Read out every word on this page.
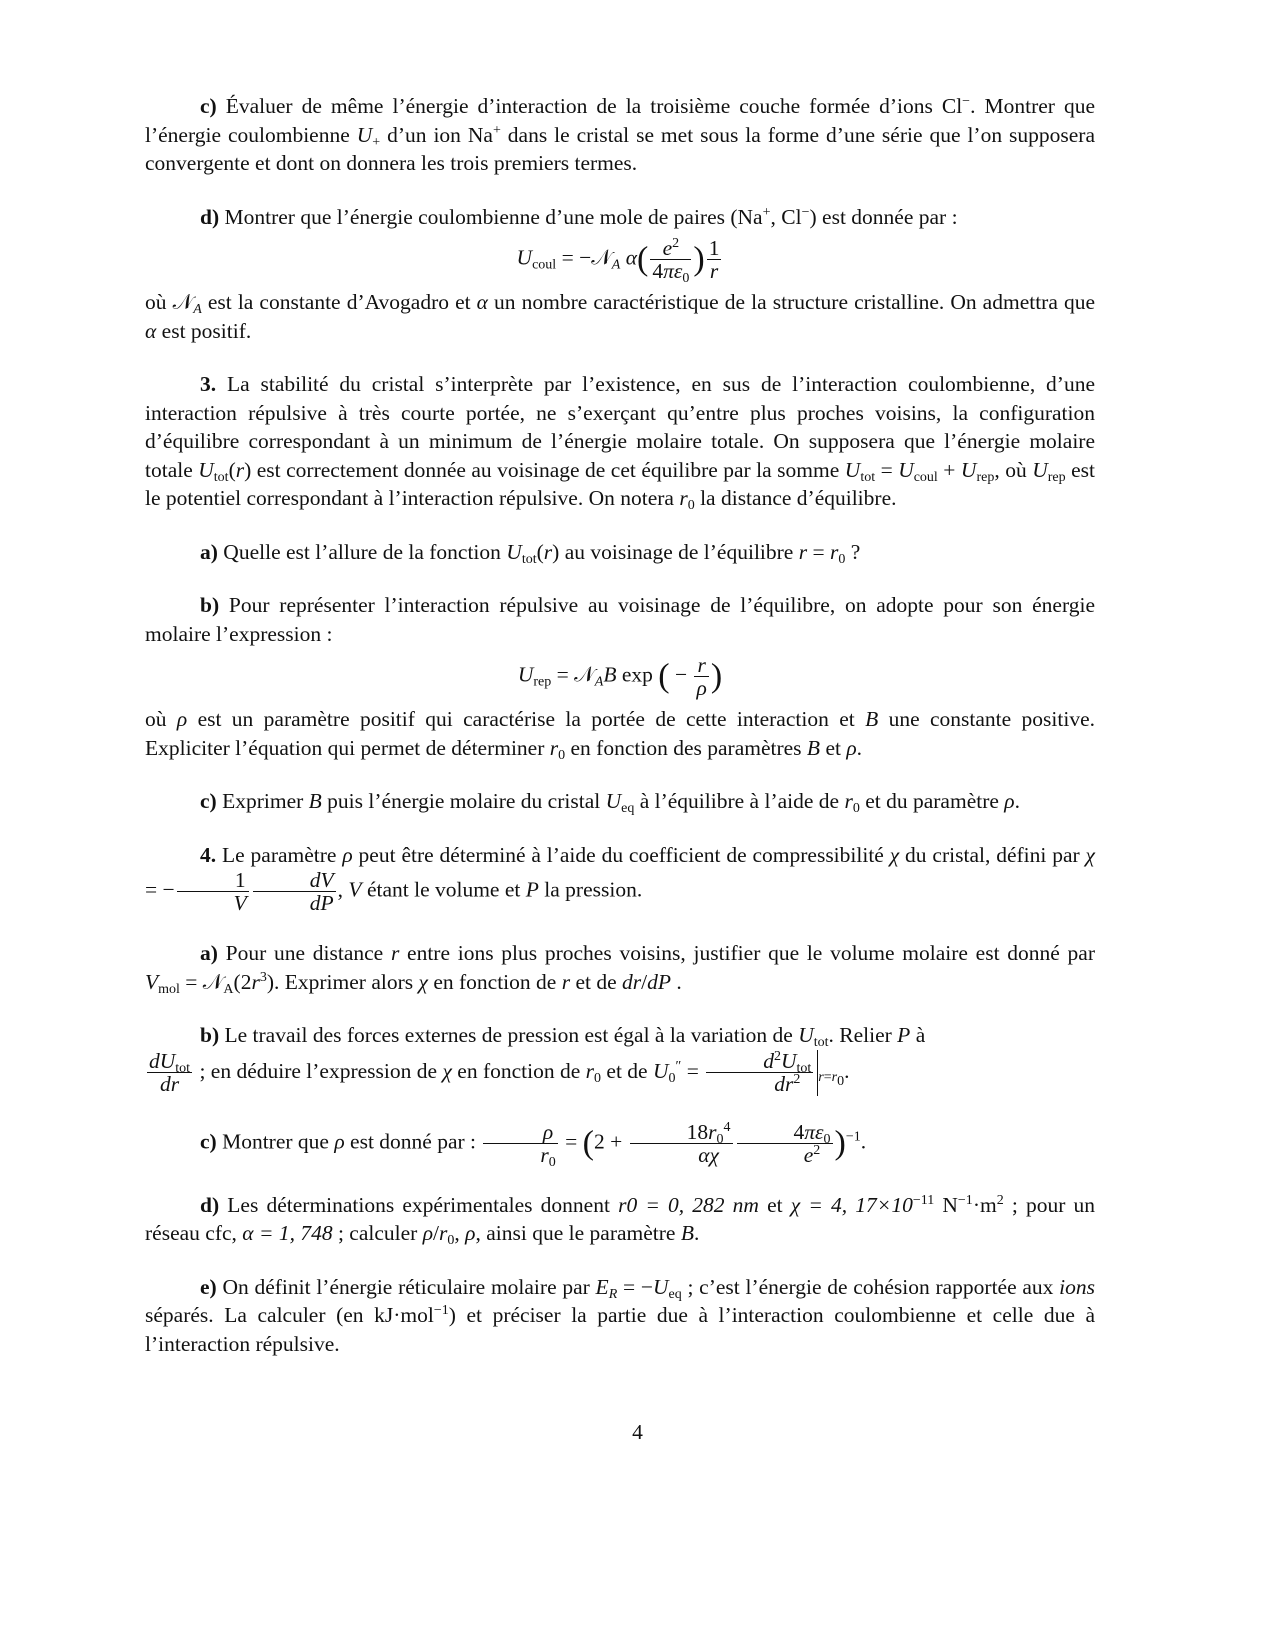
c) Évaluer de même l’énergie d’interaction de la troisième couche formée d’ions Cl−. Montrer que l’énergie coulombienne $U_+$ d’un ion Na+ dans le cristal se met sous la forme d’une série que l’on supposera convergente et dont on donnera les trois premiers termes.

d) Montrer que l’énergie coulombienne d’une mole de paires (Na+, Cl−) est donnée par :

$U_{coul}$ = −𝒩$_A$ $\alpha( \frac{e^2}{4\pi\varepsilon_0}$ ) $\frac{1}{r}$

où 𝒩$_A$ est la constante d’Avogadro et α un nombre caractéristique de la structure cristalline. On admettra que α est positif.

3. La stabilité du cristal s’interprète par l’existence, en sus de l’interaction coulombienne, d’une interaction répulsive à très courte portée, ne s’exerçant qu’entre plus proches voisins, la configuration d’équilibre correspondant à un minimum de l’énergie molaire totale. On supposera que l’énergie molaire totale $U_{tot}(r)$ est correctement donnée au voisinage de cet équilibre par la somme $U_{tot} = U_{coul} + U_{rep}$, où $U_{rep}$ est le potentiel correspondant à l’interaction répulsive. On notera $r_0$ la distance d’équilibre.

a) Quelle est l’allure de la fonction $U_{tot}(r)$ au voisinage de l’équilibre $r = r_0$ ?

b) Pour représenter l’interaction répulsive au voisinage de l’équilibre, on adopte pour son énergie molaire l’expression :

$U_{rep}$ = 𝒩$_A$B exp ( − $\frac{r}{\rho}$ )

où ρ est un paramètre positif qui caractérise la portée de cette interaction et B une constante positive. Expliciter l’équation qui permet de déterminer $r_0$ en fonction des paramètres B et ρ.

c) Exprimer B puis l’énergie molaire du cristal $U_{eq}$ à l’équilibre à l’aide de $r_0$ et du paramètre ρ.

4. Le paramètre ρ peut être déterminé à l’aide du coefficient de compressibilité χ du cristal, défini par χ = − $\frac{1}{V} \frac{dV}{dP}$ , V étant le volume et P la pression.

a) Pour une distance r entre ions plus proches voisins, justifier que le volume molaire est donné par $V_{mol}$ = $𝒩_A(2r^3)$. Exprimer alors χ en fonction de r et de dr/dP .

b) Le travail des forces externes de pression est égal à la variation de $U_{tot}$. Relier P à

$\frac{dU_{tot}}{dr}$ ; en déduire l’expression de χ en fonction de $r_0$ et de $U_0'' = \frac{d^2U_{tot}}{dr^2} _{r=r_0}$.

c) Montrer que ρ est donné par : $\frac{\rho}{r_0} = (2 + \frac{18r_0^4}{\alpha\chi} \frac{4\pi\varepsilon_0}{e^2} )^{-1}$.

d) Les déterminations expérimentales donnent r0 = 0, 282 nm et χ = 4, $17\times 10^{-11}$ $N^{-1}\cdot m^2$ ; pour un réseau cfc, α = 1, 748 ; calculer $\rho/r_0$, ρ, ainsi que le paramètre B.

e) On définit l’énergie réticulaire molaire par $E_R = -U_{eq}$ ; c’est l’énergie de cohésion rapportée aux ions séparés. La calculer (en kJ·mol$^{-1}$) et préciser la partie due à l’interaction coulombienne et celle due à l’interaction répulsive.

4
